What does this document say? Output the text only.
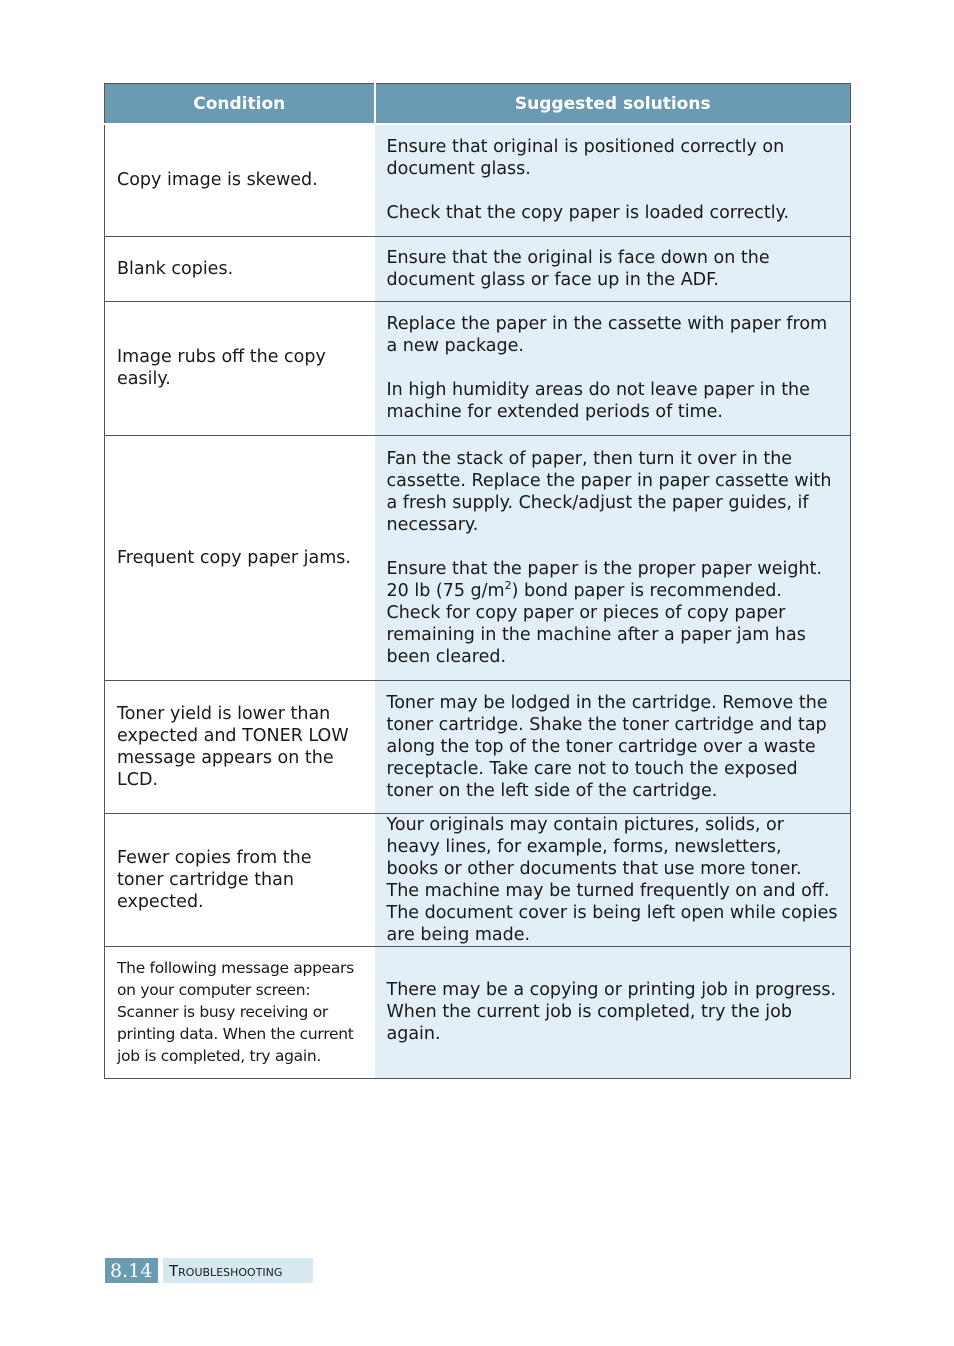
Condition	Suggested solutions
Copy image is skewed.	Ensure that original is positioned correctly on document glass.
Check that the copy paper is loaded correctly.

Blank copies.	Ensure that the original is face down on the document glass or face up in the ADF.

Image rubs off the copy easily.	Replace the paper in the cassette with paper from a new package.
In high humidity areas do not leave paper in the machine for extended periods of time.

Frequent copy paper jams.	Fan the stack of paper, then turn it over in the cassette. Replace the paper in paper cassette with a fresh supply. Check/adjust the paper guides, if necessary.
Ensure that the paper is the proper paper weight. 20 lb (75 $g/m^2$) bond paper is recommended.
Check for copy paper or pieces of copy paper remaining in the machine after a paper jam has been cleared.

Toner yield is lower than expected and TONER LOW message appears on the LCD.	Toner may be lodged in the cartridge. Remove the toner cartridge. Shake the toner cartridge and tap along the top of the toner cartridge over a waste receptacle. Take care not to touch the exposed toner on the left side of the cartridge.

Fewer copies from the toner cartridge than expected.	Your originals may contain pictures, solids, or heavy lines, for example, forms, newsletters, books or other documents that use more toner. The machine may be turned frequently on and off. The document cover is being left open while copies are being made.

The following message appears on your computer screen: Scanner is busy receiving or printing data. When the current job is completed, try again.	There may be a copying or printing job in progress. When the current job is completed, try the job again.
8.14	Troubleshooting
